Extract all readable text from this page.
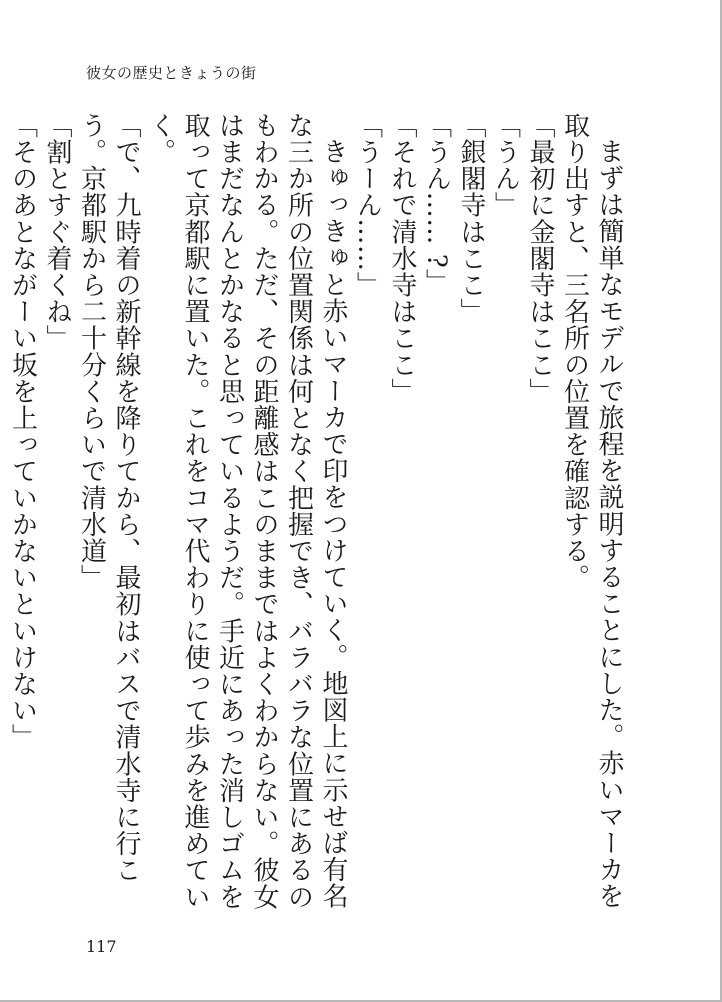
彼女の歴史ときょうの街

まずは簡単なモデルで旅程を説明することにした。赤いマーカを取り出すと、三名所の位置を確認する。

「最初に金閣寺はここ」

「うん」

「銀閣寺はここ」

「うん…… ?」

「それで清水寺はここ」

「うーん……」

きゅっきゅと赤いマーカで印をつけていく。地図上に示せば有名な三か所の位置関係は何となく把握でき、バラバラな位置にあるのもわかる。ただ、その距離感はこのままではよくわからない。彼女はまだなんとかなると思っているようだ。手近にあった消しゴムを取って京都駅に置いた。これをコマ代わりに使って歩みを進めていく。

「で、九時着の新幹線を降りてから、最初はバスで清水寺に行こう。京都駅から二十分くらいで清水道」

「割とすぐ着くね」

「そのあとながーい坂を上っていかないといけない」

117
